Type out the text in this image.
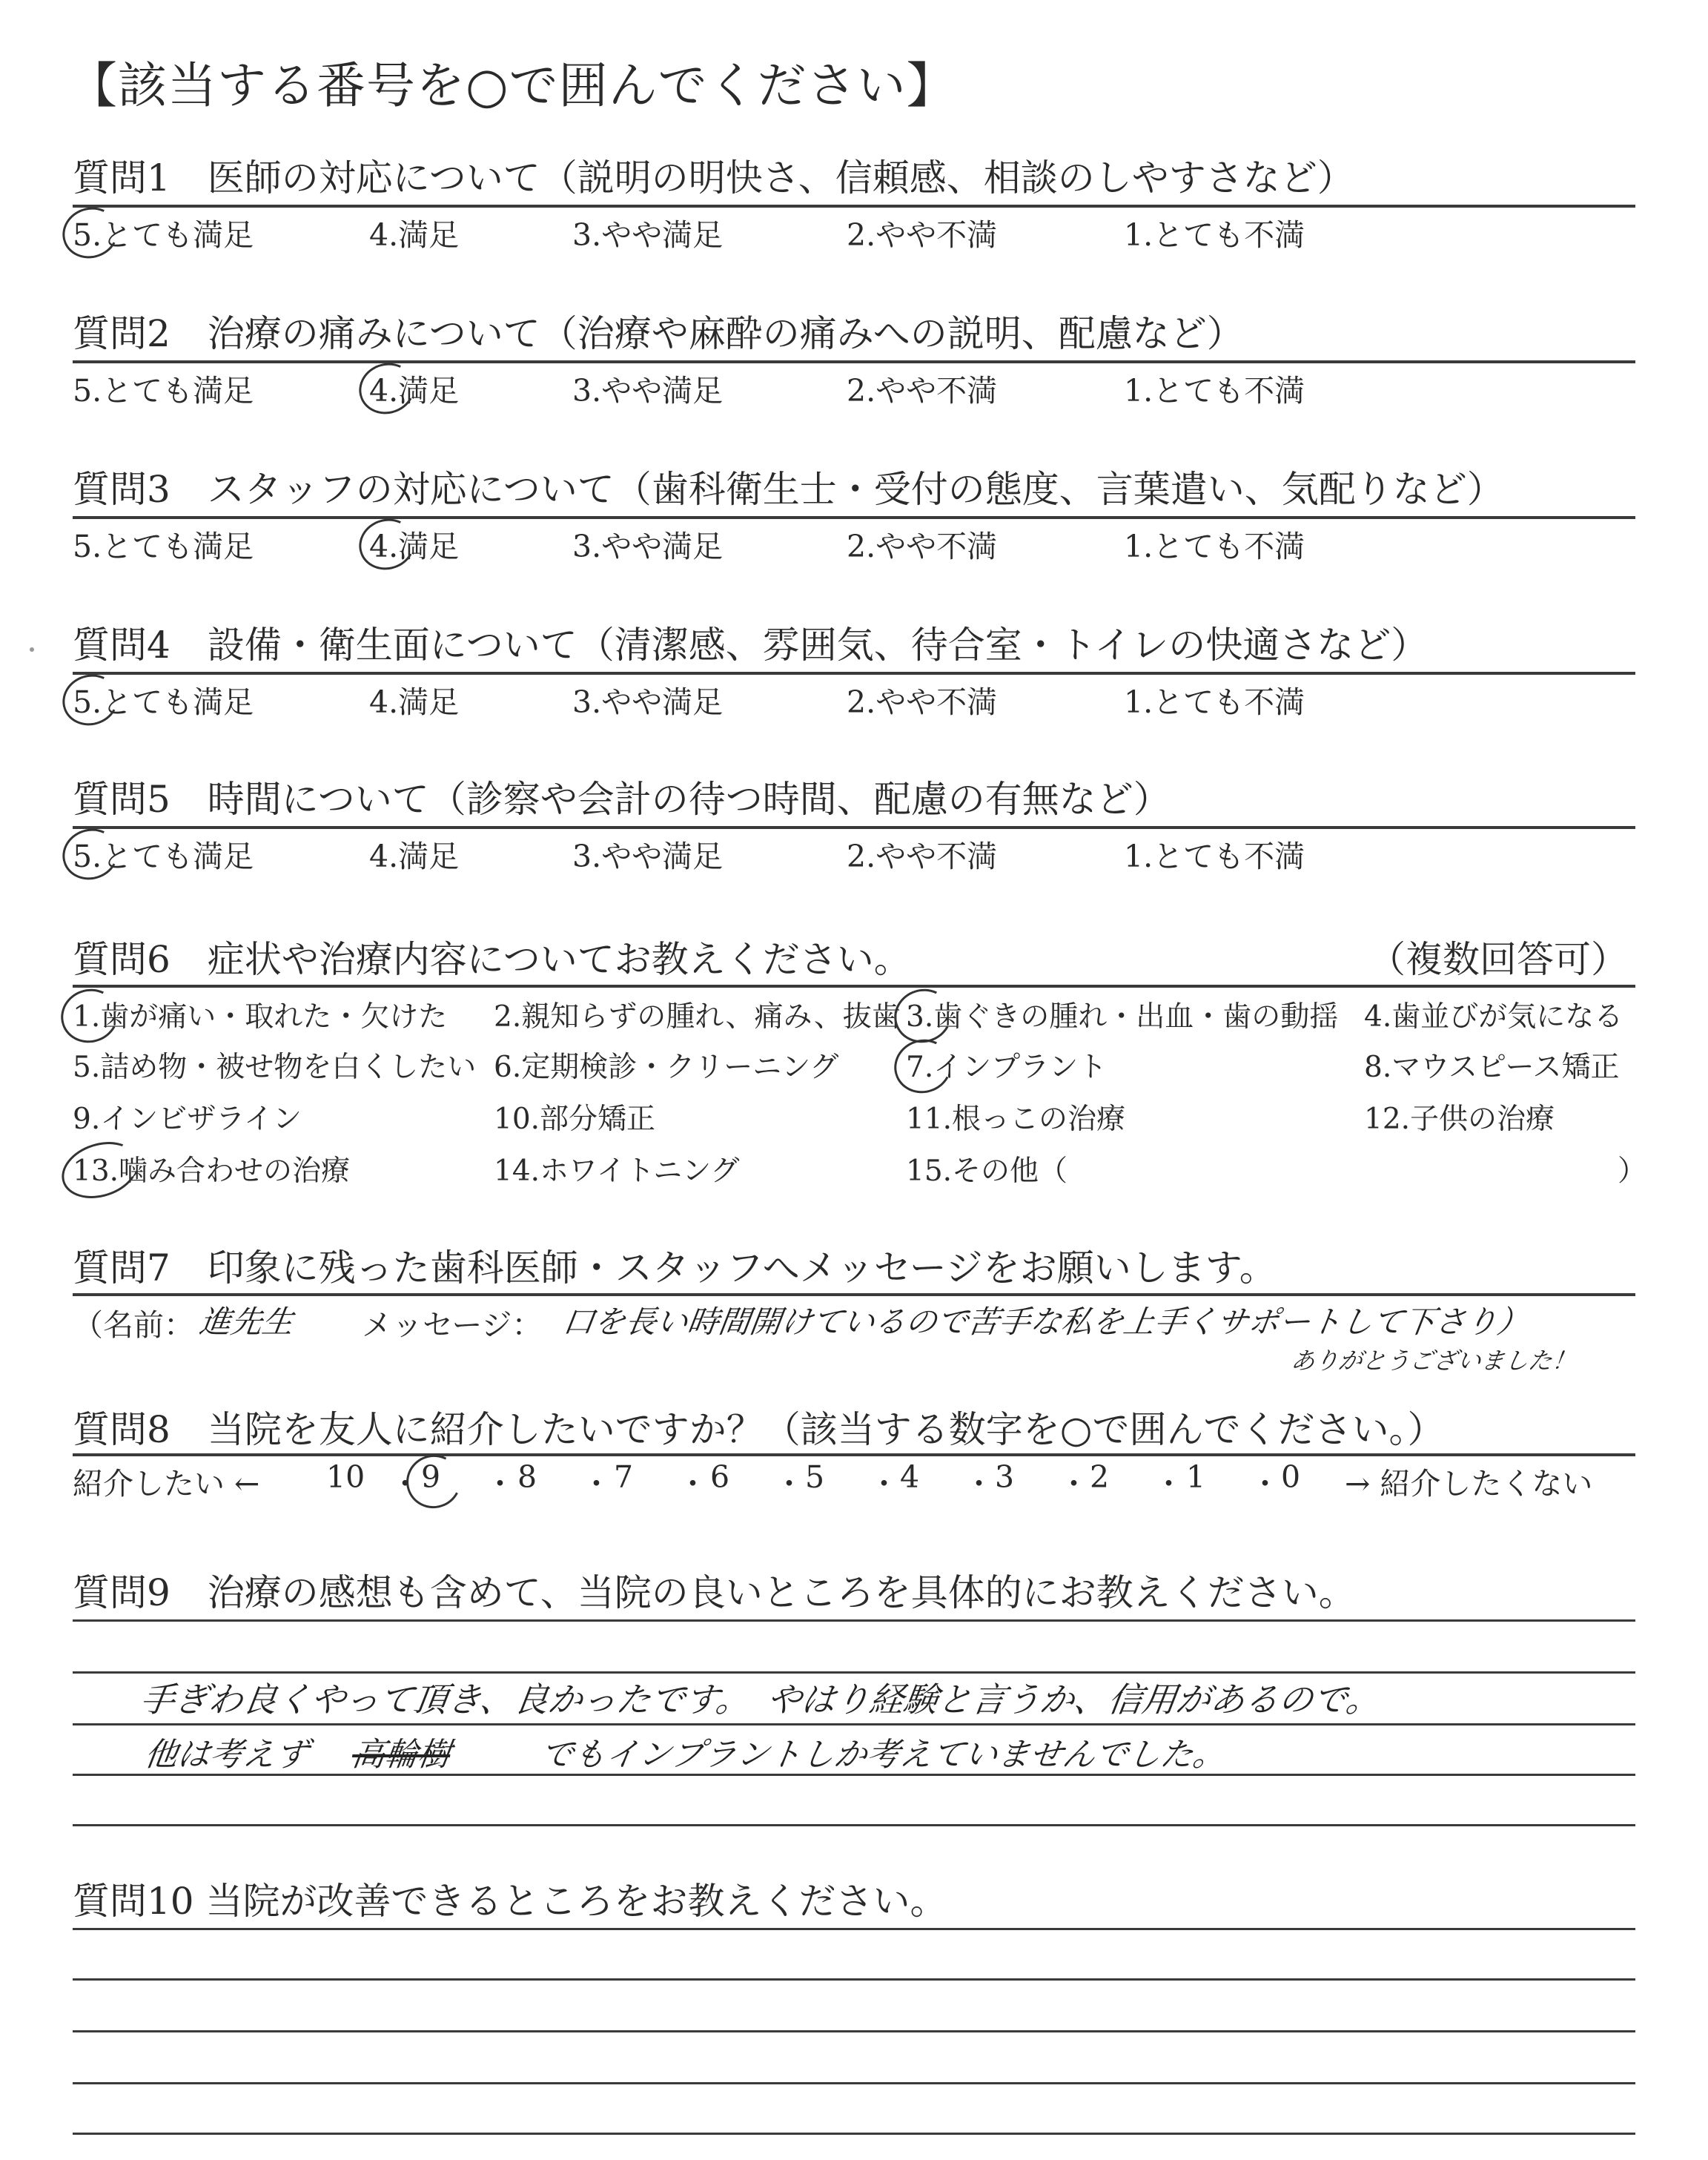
【該当する番号を○で囲んでください】
質問6　症状や治療内容についてお教えください。	（複数回答可）
質問7　印象に残った歯科医師・スタッフへメッセージをお願いします。
（名前： 進先生 メッセージ： 口を長い時間開けているので苦手な私を上手くサポートして下さり）
ありがとうございました！
質問8　当院を友人に紹介したいですか？（該当する数字を○で囲んでください。）
紹介したい ←	→ 紹介したくない
質問9　治療の感想も含めて、当院の良いところを具体的にお教えください。
手ぎわ良くやって頂き、良かったです。　やはり経験と言うか、信用があるので。
他は考えず 高輪樹	でもインプラントしか考えていませんでした。
質問10 当院が改善できるところをお教えください。
質問1　医師の対応について（説明の明快さ、信頼感、相談のしやすさなど）
5.とても満足	4.満足	3.やや満足	2.やや不満	1.とても不満
質問2　治療の痛みについて（治療や麻酔の痛みへの説明、配慮など）
5.とても満足	4.満足	3.やや満足	2.やや不満	1.とても不満
質問3　スタッフの対応について（歯科衛生士・受付の態度、言葉遣い、気配りなど）
5.とても満足	4.満足	3.やや満足	2.やや不満	1.とても不満
質問4　設備・衛生面について（清潔感、雰囲気、待合室・トイレの快適さなど）
5.とても満足	4.満足	3.やや満足	2.やや不満	1.とても不満
質問5　時間について（診察や会計の待つ時間、配慮の有無など）
5.とても満足	4.満足	3.やや満足	2.やや不満	1.とても不満
1.歯が痛い・取れた・欠けた 2.親知らずの腫れ、痛み、抜歯 3.歯ぐきの腫れ・出血・歯の動揺 4.歯並びが気になる
5.詰め物・被せ物を白くしたい 6.定期検診・クリーニング 7.インプラント	8.マウスピース矯正
9.インビザライン	10.部分矯正	11.根っこの治療	12.子供の治療
13.噛み合わせの治療	14.ホワイトニング	15.その他（	）
10 ・ 9 ・ 8 ・ 7 ・ 6 ・ 5 ・ 4 ・ 3 ・ 2 ・ 1 ・ 0
